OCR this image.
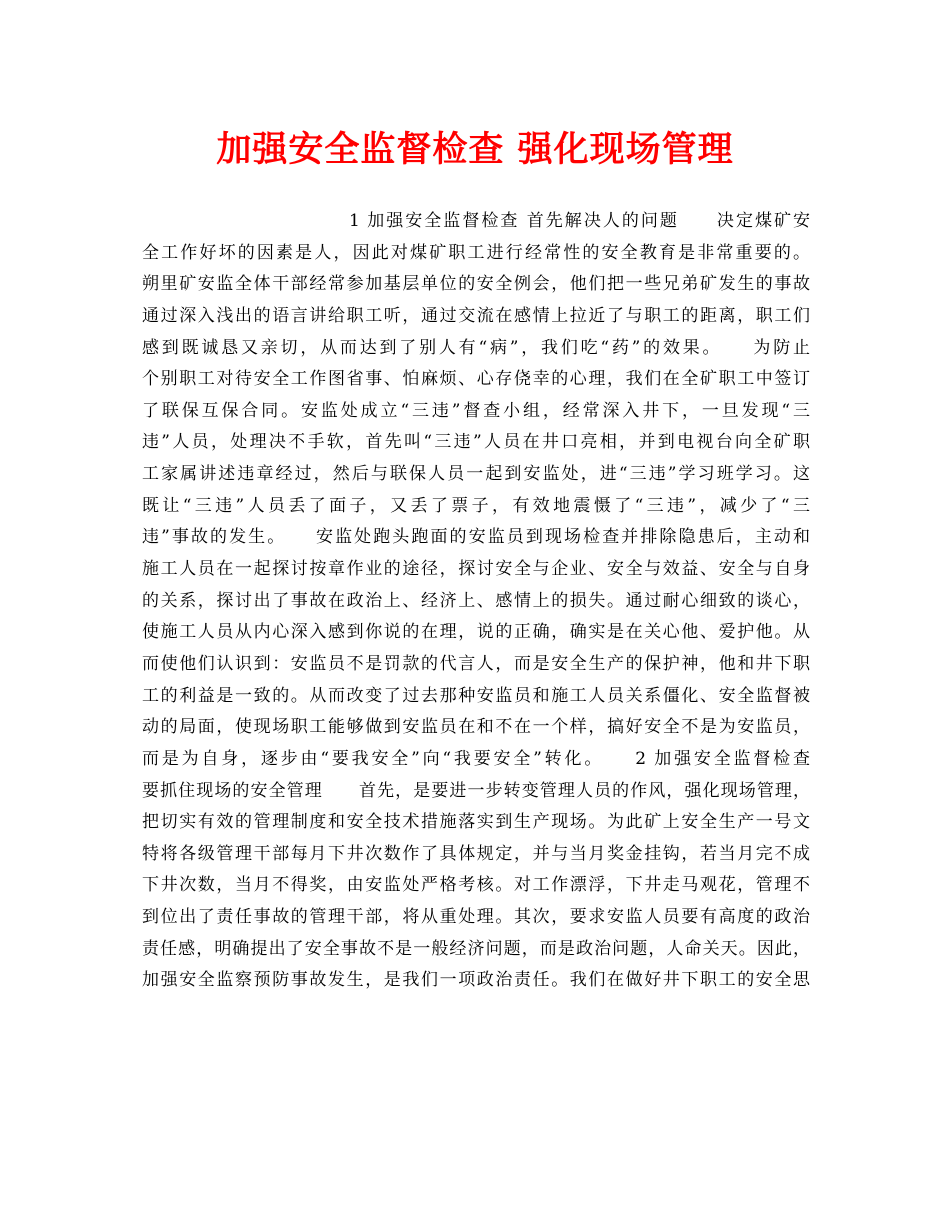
加强安全监督检查 强化现场管理
1 加强安全监督检查 首先解决人的问题　　决定煤矿安
全工作好坏的因素是人，因此对煤矿职工进行经常性的安全教育是非常重要的。
朔里矿安监全体干部经常参加基层单位的安全例会，他们把一些兄弟矿发生的事故
通过深入浅出的语言讲给职工听，通过交流在感情上拉近了与职工的距离，职工们
感到既诚恳又亲切，从而达到了别人有“病”，我们吃“药”的效果。　　为防止
个别职工对待安全工作图省事、怕麻烦、心存侥幸的心理，我们在全矿职工中签订
了联保互保合同。安监处成立“三违”督查小组，经常深入井下，一旦发现“三
违”人员，处理决不手软，首先叫“三违”人员在井口亮相，并到电视台向全矿职
工家属讲述违章经过，然后与联保人员一起到安监处，进“三违”学习班学习。这
既让“三违”人员丢了面子，又丢了票子，有效地震慑了“三违”，减少了“三
违”事故的发生。　　安监处跑头跑面的安监员到现场检查并排除隐患后，主动和
施工人员在一起探讨按章作业的途径，探讨安全与企业、安全与效益、安全与自身
的关系，探讨出了事故在政治上、经济上、感情上的损失。通过耐心细致的谈心，
使施工人员从内心深入感到你说的在理，说的正确，确实是在关心他、爱护他。从
而使他们认识到：安监员不是罚款的代言人，而是安全生产的保护神，他和井下职
工的利益是一致的。从而改变了过去那种安监员和施工人员关系僵化、安全监督被
动的局面，使现场职工能够做到安监员在和不在一个样，搞好安全不是为安监员，
而是为自身，逐步由“要我安全”向“我要安全”转化。　　2 加强安全监督检查
要抓住现场的安全管理　　首先，是要进一步转变管理人员的作风，强化现场管理，
把切实有效的管理制度和安全技术措施落实到生产现场。为此矿上安全生产一号文
特将各级管理干部每月下井次数作了具体规定，并与当月奖金挂钩，若当月完不成
下井次数，当月不得奖，由安监处严格考核。对工作漂浮，下井走马观花，管理不
到位出了责任事故的管理干部，将从重处理。其次，要求安监人员要有高度的政治
责任感，明确提出了安全事故不是一般经济问题，而是政治问题，人命关天。因此，
加强安全监察预防事故发生，是我们一项政治责任。我们在做好井下职工的安全思
